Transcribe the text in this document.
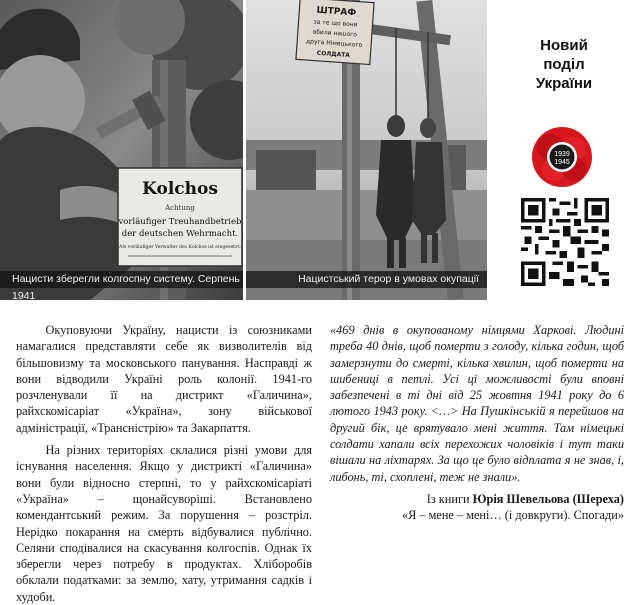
Kolchos
Achtung
vorläufiger Treuhandbetrieb
der deutschen Wehrmacht.
Als vorläufiger Verwalter des Kolchos ist eingesetzt:
Нацисти зберегли колгоспну систему. Серпень 1941
ШТРАФ
за те що вони
вбили нашого
друга Німецького
СОЛДАТА
Нацистський терор в умовах окупації
Новий
поділ
України
1939
1945

Окуповуючи Україну, нацисти із союзниками намагалися представляти себе як визволителів від більшовизму та московського панування. Насправді ж вони відводили Україні роль колонії. 1941-го розчленували її на дистрикт «Галичина», райхскомісаріат «Україна», зону військової адміністрації, «Трансністрію» та Закарпаття.

На різних територіях склалися різні умови для існування населення. Якщо у дистрикті «Галичина» вони були відносно стерпні, то у райхскомісаріаті «Україна» – щонайсуворіші. Встановлено комендантський режим. За порушення – розстріл. Нерідко покарання на смерть відбувалися публічно. Селяни сподівалися на скасування колгоспів. Однак їх зберегли через потребу в продуктах. Хліборобів обклали податками: за землю, хату, утримання садків і худоби.

«469 днів в окупованому німцями Харкові. Людині треба 40 днів, щоб померти з голоду, кілька годин, щоб замерзнути до смерті, кілька хвилин, щоб померти на шибениці в петлі. Усі ці можливості були вповні забезпечені в ті дні від 25 жовтня 1941 року до 6 лютого 1943 року. <…> На Пушкінській я перейшов на другий бік, це врятувало мені життя. Там німецькі солдати хапали всіх перехожих чоловіків і тут таки вішали на ліхтарях. За що це було відплата я не знав, і, либонь, ті, схоплені, теж не знали».

Із книги Юрія Шевельова (Шереха)
«Я – мене – мені… (і довкруги). Спогади»
